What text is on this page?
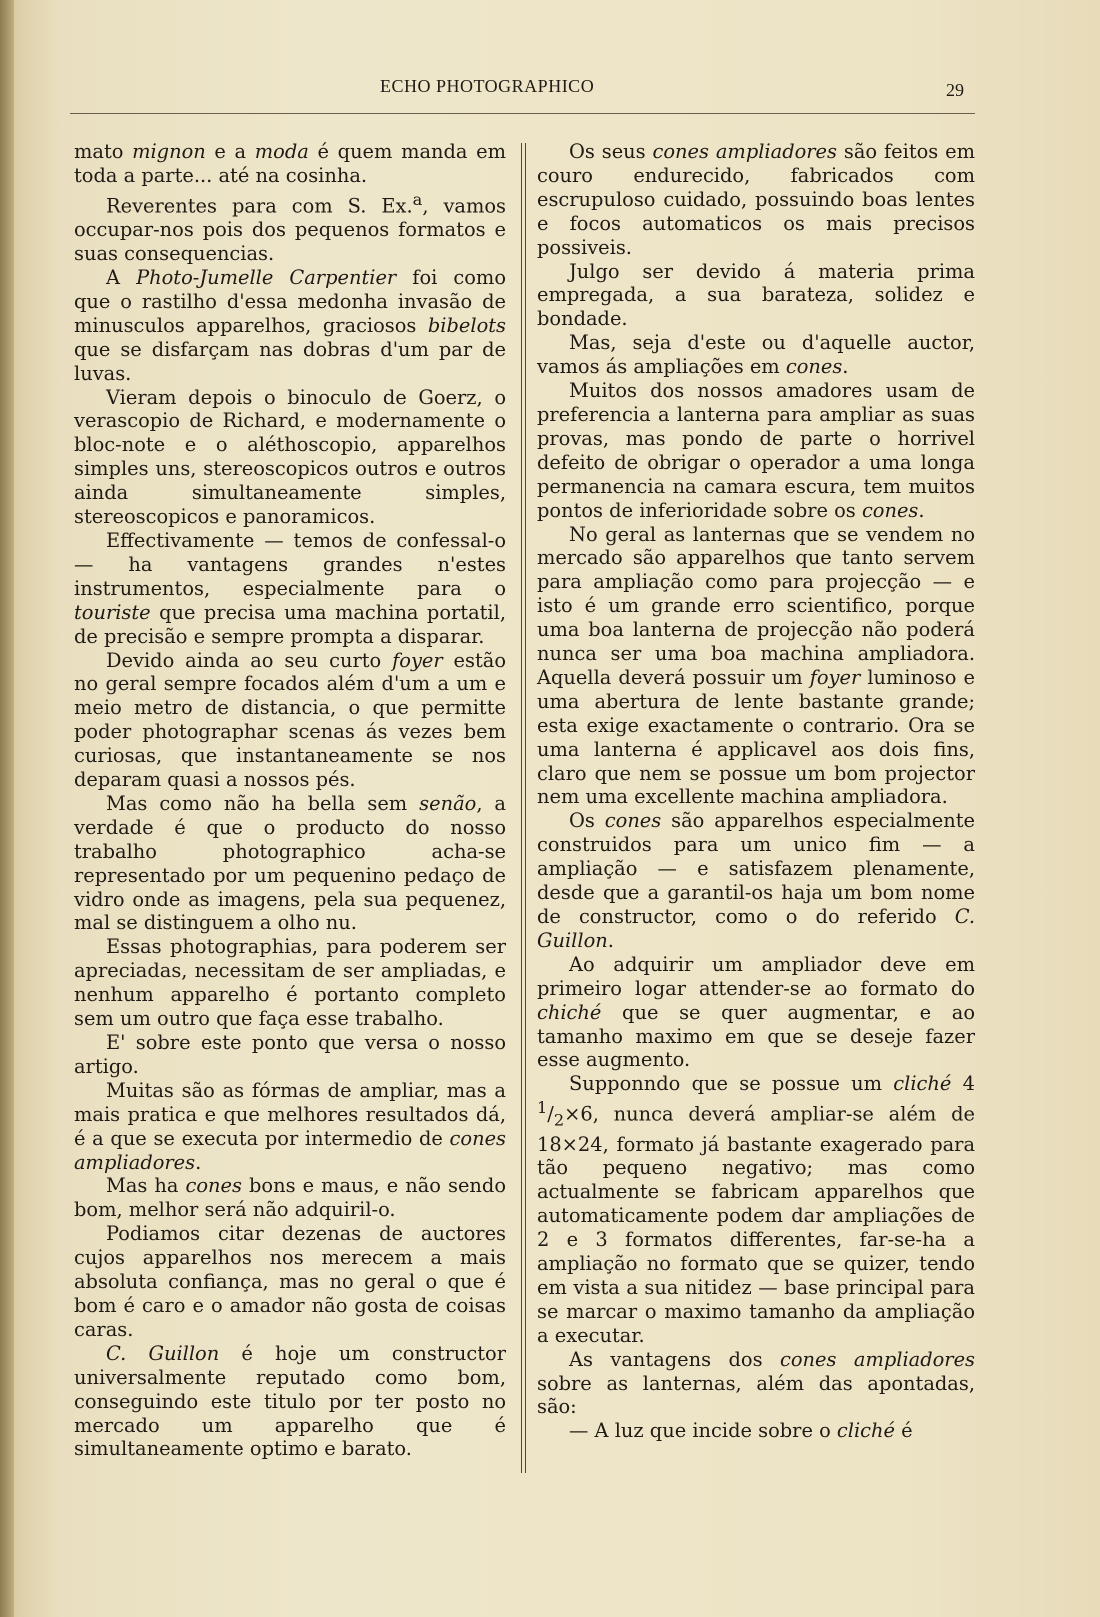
ECHO PHOTOGRAPHICO	29

mato mignon e a moda é quem manda em toda a parte... até na cosinha.

Reverentes para com S. Ex.$^a$, vamos occupar-nos pois dos pequenos formatos e suas consequencias.

A Photo-Jumelle Carpentier foi como que o rastilho d'essa medonha invasão de minusculos apparelhos, graciosos bibelots que se disfarçam nas dobras d'um par de luvas.

Vieram depois o binoculo de Goerz, o verascopio de Richard, e modernamente o bloc-note e o aléthoscopio, apparelhos simples uns, stereoscopicos outros e outros ainda simultaneamente simples, stereoscopicos e panoramicos.

Effectivamente — temos de confessal-o — ha vantagens grandes n'estes instrumentos, especialmente para o touriste que precisa uma machina portatil, de precisão e sempre prompta a disparar.

Devido ainda ao seu curto foyer estão no geral sempre focados além d'um a um e meio metro de distancia, o que permitte poder photographar scenas ás vezes bem curiosas, que instantaneamente se nos deparam quasi a nossos pés.

Mas como não ha bella sem senão, a verdade é que o producto do nosso trabalho photographico acha-se representado por um pequenino pedaço de vidro onde as imagens, pela sua pequenez, mal se distinguem a olho nu.

Essas photographias, para poderem ser apreciadas, necessitam de ser ampliadas, e nenhum apparelho é portanto completo sem um outro que faça esse trabalho.

E' sobre este ponto que versa o nosso artigo.

Muitas são as fórmas de ampliar, mas a mais pratica e que melhores resultados dá, é a que se executa por intermedio de cones ampliadores.

Mas ha cones bons e maus, e não sendo bom, melhor será não adquiril-o.

Podiamos citar dezenas de auctores cujos apparelhos nos merecem a mais absoluta confiança, mas no geral o que é bom é caro e o amador não gosta de coisas caras.

C. Guillon é hoje um constructor universalmente reputado como bom, conseguindo este titulo por ter posto no mercado um apparelho que é simultaneamente optimo e barato.

Os seus cones ampliadores são feitos em couro endurecido, fabricados com escrupuloso cuidado, possuindo boas lentes e focos automaticos os mais precisos possiveis.

Julgo ser devido á materia prima empregada, a sua barateza, solidez e bondade.

Mas, seja d'este ou d'aquelle auctor, vamos ás ampliações em cones.

Muitos dos nossos amadores usam de preferencia a lanterna para ampliar as suas provas, mas pondo de parte o horrivel defeito de obrigar o operador a uma longa permanencia na camara escura, tem muitos pontos de inferioridade sobre os cones.

No geral as lanternas que se vendem no mercado são apparelhos que tanto servem para ampliação como para projecção — e isto é um grande erro scientifico, porque uma boa lanterna de projecção não poderá nunca ser uma boa machina ampliadora. Aquella deverá possuir um foyer luminoso e uma abertura de lente bastante grande; esta exige exactamente o contrario. Ora se uma lanterna é applicavel aos dois fins, claro que nem se possue um bom projector nem uma excellente machina ampliadora.

Os cones são apparelhos especialmente construidos para um unico fim — a ampliação — e satisfazem plenamente, desde que a garantil-os haja um bom nome de constructor, como o do referido C. Guillon.

Ao adquirir um ampliador deve em primeiro logar attender-se ao formato do chiché que se quer augmentar, e ao tamanho maximo em que se deseje fazer esse augmento.

Supponndo que se possue um cliché 4 $^1/_2\times 6$, nunca deverá ampliar-se além de 18×24, formato já bastante exagerado para tão pequeno negativo; mas como actualmente se fabricam apparelhos que automaticamente podem dar ampliações de 2 e 3 formatos differentes, far-se-ha a ampliação no formato que se quizer, tendo em vista a sua nitidez — base principal para se marcar o maximo tamanho da ampliação a executar.

As vantagens dos cones ampliadores sobre as lanternas, além das apontadas, são:

— A luz que incide sobre o cliché é
